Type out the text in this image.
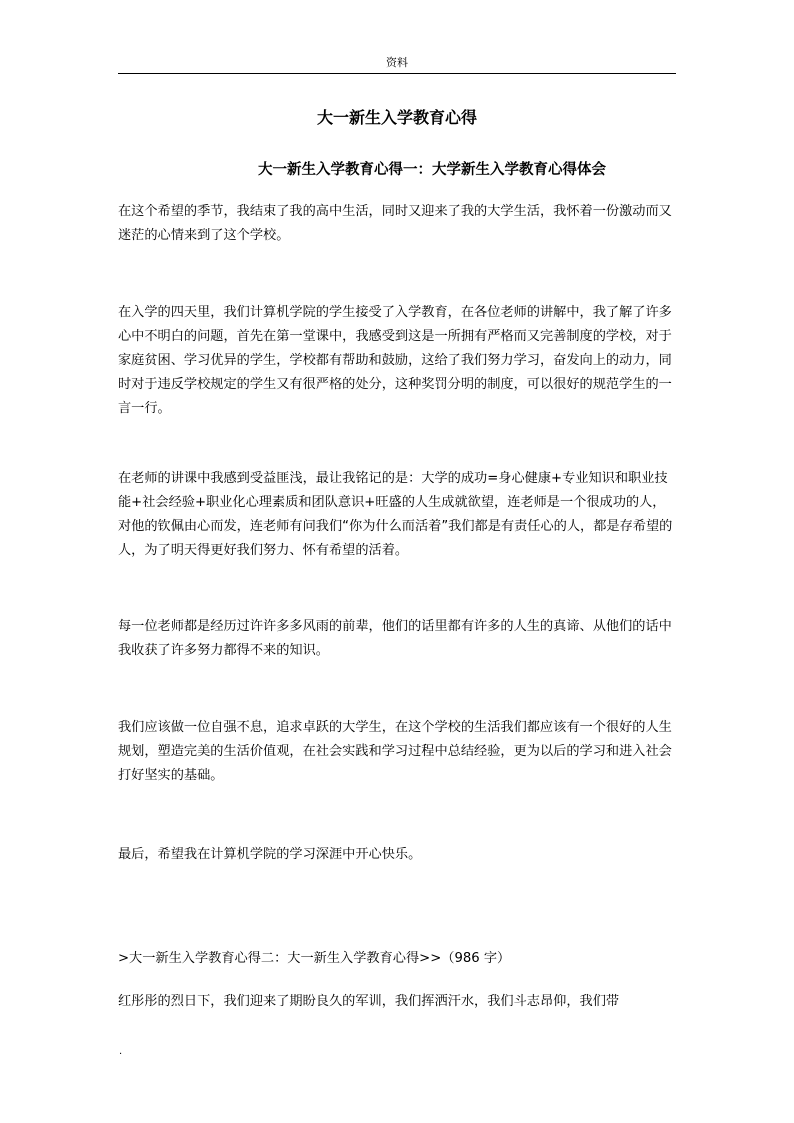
资料
大一新生入学教育心得
大一新生入学教育心得一：大学新生入学教育心得体会

在这个希望的季节，我结束了我的高中生活，同时又迎来了我的大学生活，我怀着一份激动而又迷茫的心情来到了这个学校。

在入学的四天里，我们计算机学院的学生接受了入学教育，在各位老师的讲解中，我了解了许多心中不明白的问题，首先在第一堂课中，我感受到这是一所拥有严格而又完善制度的学校，对于家庭贫困、学习优异的学生，学校都有帮助和鼓励，这给了我们努力学习，奋发向上的动力，同时对于违反学校规定的学生又有很严格的处分，这种奖罚分明的制度，可以很好的规范学生的一言一行。

在老师的讲课中我感到受益匪浅，最让我铭记的是：大学的成功=身心健康+专业知识和职业技能+社会经验+职业化心理素质和团队意识+旺盛的人生成就欲望，连老师是一个很成功的人，对他的钦佩由心而发，连老师有问我们“你为什么而活着”我们都是有责任心的人，都是存希望的人，为了明天得更好我们努力、怀有希望的活着。

每一位老师都是经历过许许多多风雨的前辈，他们的话里都有许多的人生的真谛、从他们的话中我收获了许多努力都得不来的知识。

我们应该做一位自强不息，追求卓跃的大学生，在这个学校的生活我们都应该有一个很好的人生规划，塑造完美的生活价值观，在社会实践和学习过程中总结经验，更为以后的学习和进入社会打好坚实的基础。

最后，希望我在计算机学院的学习深涯中开心快乐。

>大一新生入学教育心得二：大一新生入学教育心得>>（986 字）

红彤彤的烈日下，我们迎来了期盼良久的军训，我们挥洒汗水，我们斗志昂仰，我们带

.
